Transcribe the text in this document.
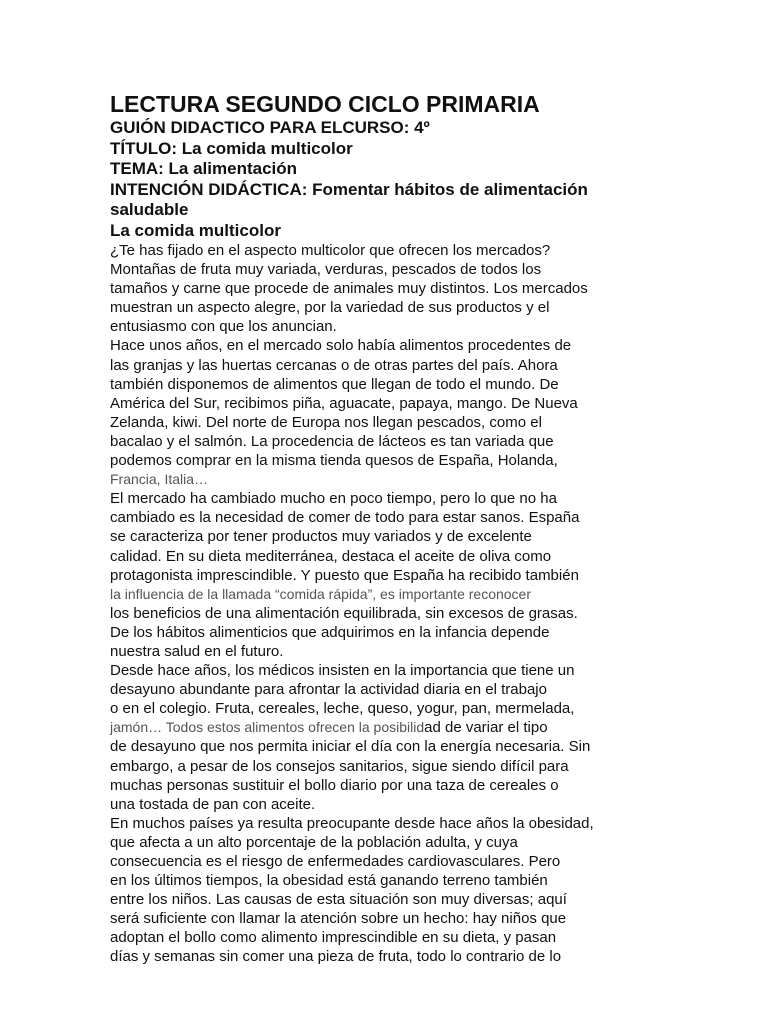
LECTURA SEGUNDO CICLO PRIMARIA

GUIÓN DIDACTICO PARA ELCURSO: 4º

TÍTULO: La comida multicolor

TEMA: La alimentación

INTENCIÓN DIDÁCTICA: Fomentar hábitos de alimentación

saludable

La comida multicolor

¿Te has fijado en el aspecto multicolor que ofrecen los mercados?

Montañas de fruta muy variada, verduras, pescados de todos los

tamaños y carne que procede de animales muy distintos. Los mercados

muestran un aspecto alegre, por la variedad de sus productos y el

entusiasmo con que los anuncian.

Hace unos años, en el mercado solo había alimentos procedentes de

las granjas y las huertas cercanas o de otras partes del país. Ahora

también disponemos de alimentos que llegan de todo el mundo. De

América del Sur, recibimos piña, aguacate, papaya, mango. De Nueva

Zelanda, kiwi. Del norte de Europa nos llegan pescados, como el

bacalao y el salmón. La procedencia de lácteos es tan variada que

podemos comprar en la misma tienda quesos de España, Holanda,

Francia, Italia…

El mercado ha cambiado mucho en poco tiempo, pero lo que no ha

cambiado es la necesidad de comer de todo para estar sanos. España

se caracteriza por tener productos muy variados y de excelente

calidad. En su dieta mediterránea, destaca el aceite de oliva como

protagonista imprescindible. Y puesto que España ha recibido también

la influencia de la llamada “comida rápida”, es importante reconocer

los beneficios de una alimentación equilibrada, sin excesos de grasas.

De los hábitos alimenticios que adquirimos en la infancia depende

nuestra salud en el futuro.

Desde hace años, los médicos insisten en la importancia que tiene un

desayuno abundante para afrontar la actividad diaria en el trabajo

o en el colegio. Fruta, cereales, leche, queso, yogur, pan, mermelada,

jamón… Todos estos alimentos ofrecen la posibilidad de variar el tipo

de desayuno que nos permita iniciar el día con la energía necesaria. Sin

embargo, a pesar de los consejos sanitarios, sigue siendo difícil para

muchas personas sustituir el bollo diario por una taza de cereales o

una tostada de pan con aceite.

En muchos países ya resulta preocupante desde hace años la obesidad,

que afecta a un alto porcentaje de la población adulta, y cuya

consecuencia es el riesgo de enfermedades cardiovasculares. Pero

en los últimos tiempos, la obesidad está ganando terreno también

entre los niños. Las causas de esta situación son muy diversas; aquí

será suficiente con llamar la atención sobre un hecho: hay niños que

adoptan el bollo como alimento imprescindible en su dieta, y pasan

días y semanas sin comer una pieza de fruta, todo lo contrario de lo
